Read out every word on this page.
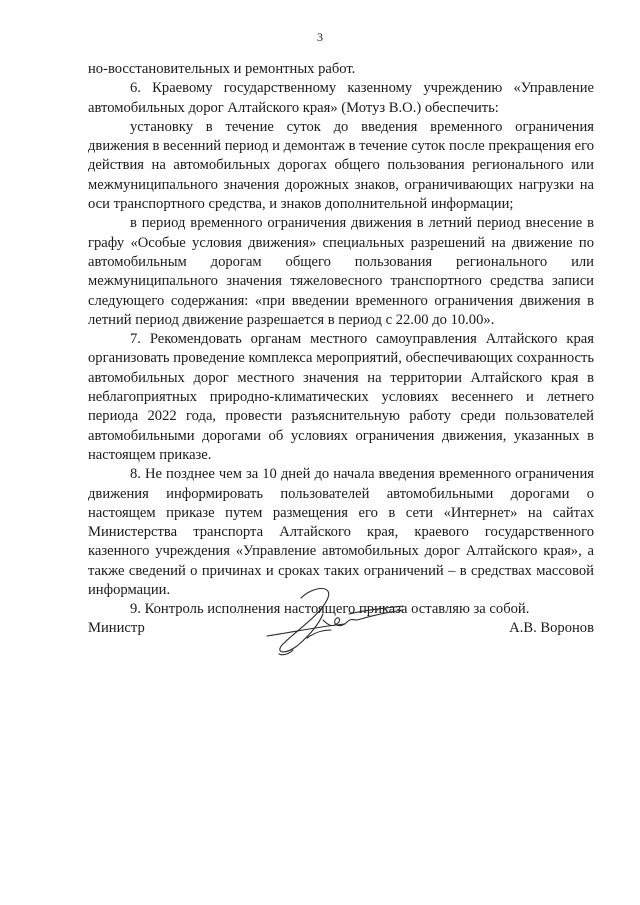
3

но-восстановительных и ремонтных работ.

6. Краевому государственному казенному учреждению «Управление автомобильных дорог Алтайского края» (Мотуз В.О.) обеспечить:

установку в течение суток до введения временного ограничения движения в весенний период и демонтаж в течение суток после прекращения его действия на автомобильных дорогах общего пользования регионального или межмуниципального значения дорожных знаков, ограничивающих нагрузки на оси транспортного средства, и знаков дополнительной информации;

в период временного ограничения движения в летний период внесение в графу «Особые условия движения» специальных разрешений на движение по автомобильным дорогам общего пользования регионального или межмуниципального значения тяжеловесного транспортного средства записи следующего содержания: «при введении временного ограничения движения в летний период движение разрешается в период с 22.00 до 10.00».

7. Рекомендовать органам местного самоуправления Алтайского края организовать проведение комплекса мероприятий, обеспечивающих сохранность автомобильных дорог местного значения на территории Алтайского края в неблагоприятных природно-климатических условиях весеннего и летнего периода 2022 года, провести разъяснительную работу среди пользователей автомобильными дорогами об условиях ограничения движения, указанных в настоящем приказе.

8. Не позднее чем за 10 дней до начала введения временного ограничения движения информировать пользователей автомобильными дорогами о настоящем приказе путем размещения его в сети «Интернет» на сайтах Министерства транспорта Алтайского края, краевого государственного казенного учреждения «Управление автомобильных дорог Алтайского края», а также сведений о причинах и сроках таких ограничений – в средствах массовой информации.

9. Контроль исполнения настоящего приказа оставляю за собой.

Министр	А.В. Воронов
